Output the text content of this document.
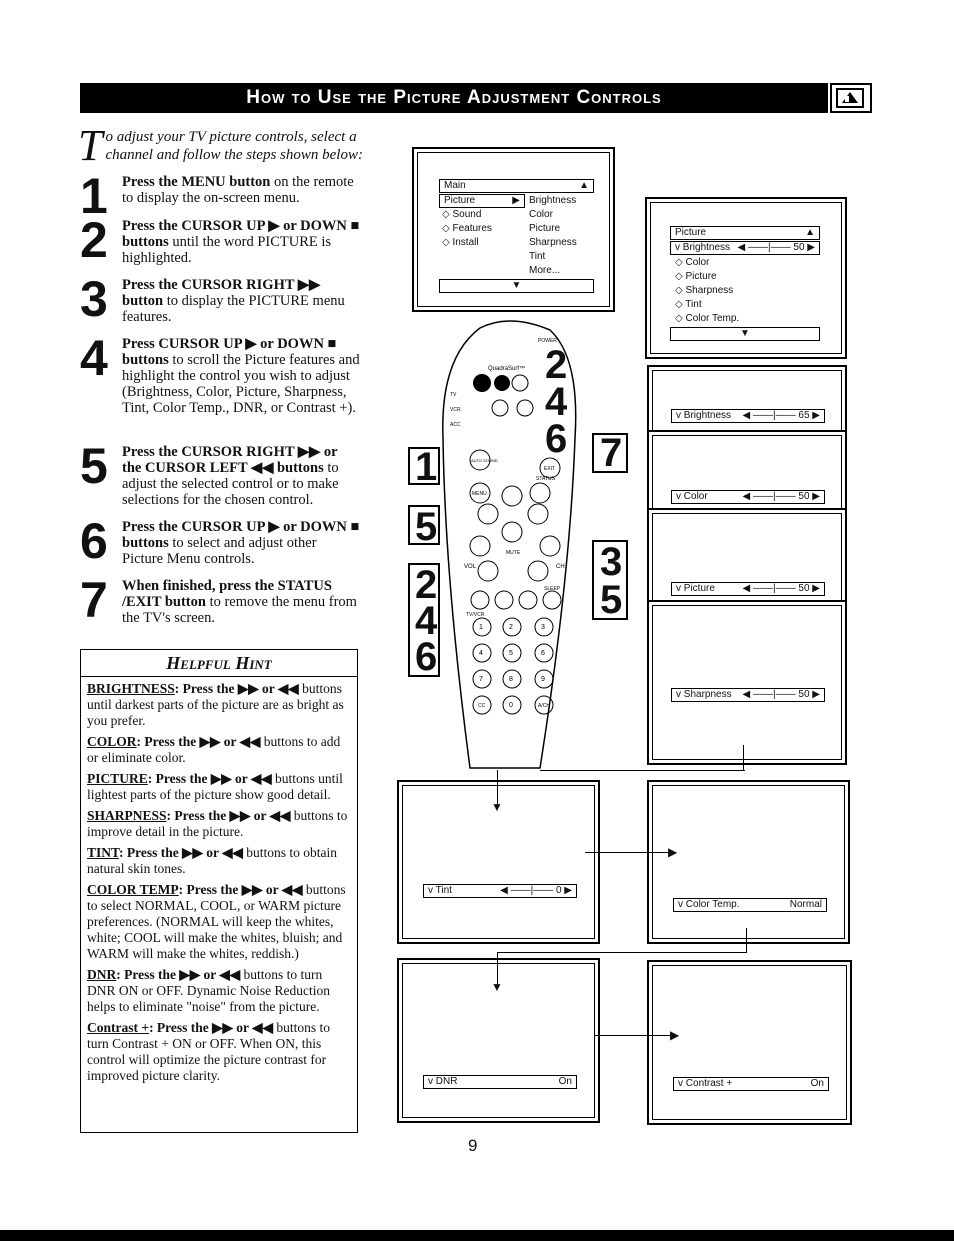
How to Use the Picture Adjustment Controls
To adjust your TV picture controls, select a channel and follow the steps shown below:
1 Press the MENU button on the remote to display the on-screen menu.
2 Press the CURSOR UP ▶ or DOWN ■ buttons until the word PICTURE is highlighted.
3 Press the CURSOR RIGHT ▶▶ button to display the PICTURE menu features.
4 Press CURSOR UP ▶ or DOWN ■ buttons to scroll the Picture features and highlight the control you wish to adjust (Brightness, Color, Picture, Sharpness, Tint, Color Temp., DNR, or Contrast +).
5 Press the CURSOR RIGHT ▶▶ or the CURSOR LEFT ◀◀ buttons to adjust the selected control or to make selections for the chosen control.
6 Press the CURSOR UP ▶ or DOWN ■ buttons to select and adjust other Picture Menu controls.
7 When finished, press the STATUS /EXIT button to remove the menu from the TV's screen.
Helpful Hint

BRIGHTNESS: Press the ▶▶ or ◀◀ buttons until darkest parts of the picture are as bright as you prefer.

COLOR: Press the ▶▶ or ◀◀ buttons to add or eliminate color.

PICTURE: Press the ▶▶ or ◀◀ buttons until lightest parts of the picture show good detail.

SHARPNESS: Press the ▶▶ or ◀◀ buttons to improve detail in the picture.

TINT: Press the ▶▶ or ◀◀ buttons to obtain natural skin tones.

COLOR TEMP: Press the ▶▶ or ◀◀ buttons to select NORMAL, COOL, or WARM picture preferences. (NORMAL will keep the whites, white; COOL will make the whites, bluish; and WARM will make the whites, reddish.)

DNR: Press the ▶▶ or ◀◀ buttons to turn DNR ON or OFF. Dynamic Noise Reduction helps to eliminate "noise" from the picture.

Contrast +: Press the ▶▶ or ◀◀ buttons to turn Contrast + ON or OFF. When ON, this control will optimize the picture contrast for improved picture clarity.

Main	▲
Picture	▶
◇ Sound
◇ Features
◇ Install
Brightness
Color
Picture
Sharpness
Tint
More...
▼
Picture	▲
v Brightness ◀ ——|—— 50 ▶
◇ Color
◇ Picture
◇ Sharpness
◇ Tint
◇ Color Temp.
▼
v Brightness ◀ ——|—— 65 ▶
v Color	◀ ——|—— 50 ▶
v Picture	◀ ——|—— 50 ▶
v Sharpness ◀ ——|—— 50 ▶
v Tint	◀ ——|—— 0 ▶
v Color Temp.	Normal
v DNR	On	v Contrast +	On
▼
▶
▼
▶
POWER
QuadraSurf™
TV
VCR
ACC
AUTO SOUND
STATUS
EXIT
MENU
MUTE
VOL	CH
SLEEP
TV/VCR
1	2	3
4	5	6
7	8	9
CC	0	A/CH
1	7
5
3
5
2
4
6
2
4
6
9
